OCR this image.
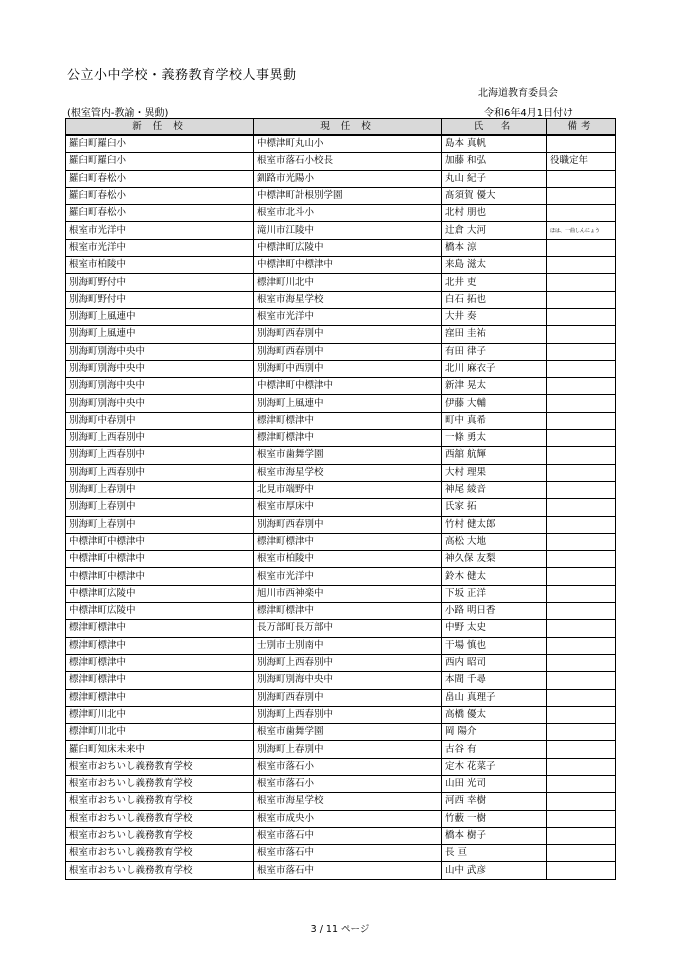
公立小中学校・義務教育学校人事異動
北海道教育委員会
(根室管内-教諭・異動)	令和6年4月1日付け
新 任 校	現 任 校	氏　名	備考
羅臼町羅臼小	中標津町丸山小	島本 真帆	
羅臼町羅臼小	根室市落石小校長	加藤 和弘	役職定年
羅臼町春松小	釧路市光陽小	丸山 紀子	
羅臼町春松小	中標津町計根別学園	髙須賀 優大	
羅臼町春松小	根室市北斗小	北村 朋也	
根室市光洋中	滝川市江陵中	辻倉 大河	ほは、一曲しんにょう
根室市光洋中	中標津町広陵中	橋本 涼	
根室市柏陵中	中標津町中標津中	来島 滋太	
別海町野付中	標津町川北中	北井 吏	
別海町野付中	根室市海星学校	白石 拓也	
別海町上風連中	根室市光洋中	大井 奏	
別海町上風連中	別海町西春別中	窪田 圭祐	
別海町別海中央中	別海町西春別中	有田 律子	
別海町別海中央中	別海町中西別中	北川 麻衣子	
別海町別海中央中	中標津町中標津中	新津 晃太	
別海町別海中央中	別海町上風連中	伊藤 大輔	
別海町中春別中	標津町標津中	町中 真希	
別海町上西春別中	標津町標津中	一條 勇太	
別海町上西春別中	根室市歯舞学園	西舘 航輝	
別海町上西春別中	根室市海星学校	大村 理果	
別海町上春別中	北見市端野中	神尾 綾音	
別海町上春別中	根室市厚床中	氏家 拓	
別海町上春別中	別海町西春別中	竹村 健太郎	
中標津町中標津中	標津町標津中	高松 大地	
中標津町中標津中	根室市柏陵中	神久保 友梨	
中標津町中標津中	根室市光洋中	鈴木 健太	
中標津町広陵中	旭川市西神楽中	下坂 正洋	
中標津町広陵中	標津町標津中	小路 明日香	
標津町標津中	長万部町長万部中	中野 太史	
標津町標津中	士別市士別南中	干場 慎也	
標津町標津中	別海町上西春別中	西内 昭司	
標津町標津中	別海町別海中央中	本間 千尋	
標津町標津中	別海町西春別中	畠山 真理子	
標津町川北中	別海町上西春別中	高橋 優太	
標津町川北中	根室市歯舞学園	岡 陽介	
羅臼町知床未来中	別海町上春別中	古谷 有	
根室市おちいし義務教育学校	根室市落石小	定木 花菜子	
根室市おちいし義務教育学校	根室市落石小	山田 光司	
根室市おちいし義務教育学校	根室市海星学校	河西 幸樹	
根室市おちいし義務教育学校	根室市成央小	竹藪 一樹	
根室市おちいし義務教育学校	根室市落石中	橋本 樹子	
根室市おちいし義務教育学校	根室市落石中	長 亘	
根室市おちいし義務教育学校	根室市落石中	山中 武彦	
3 / 11 ページ
